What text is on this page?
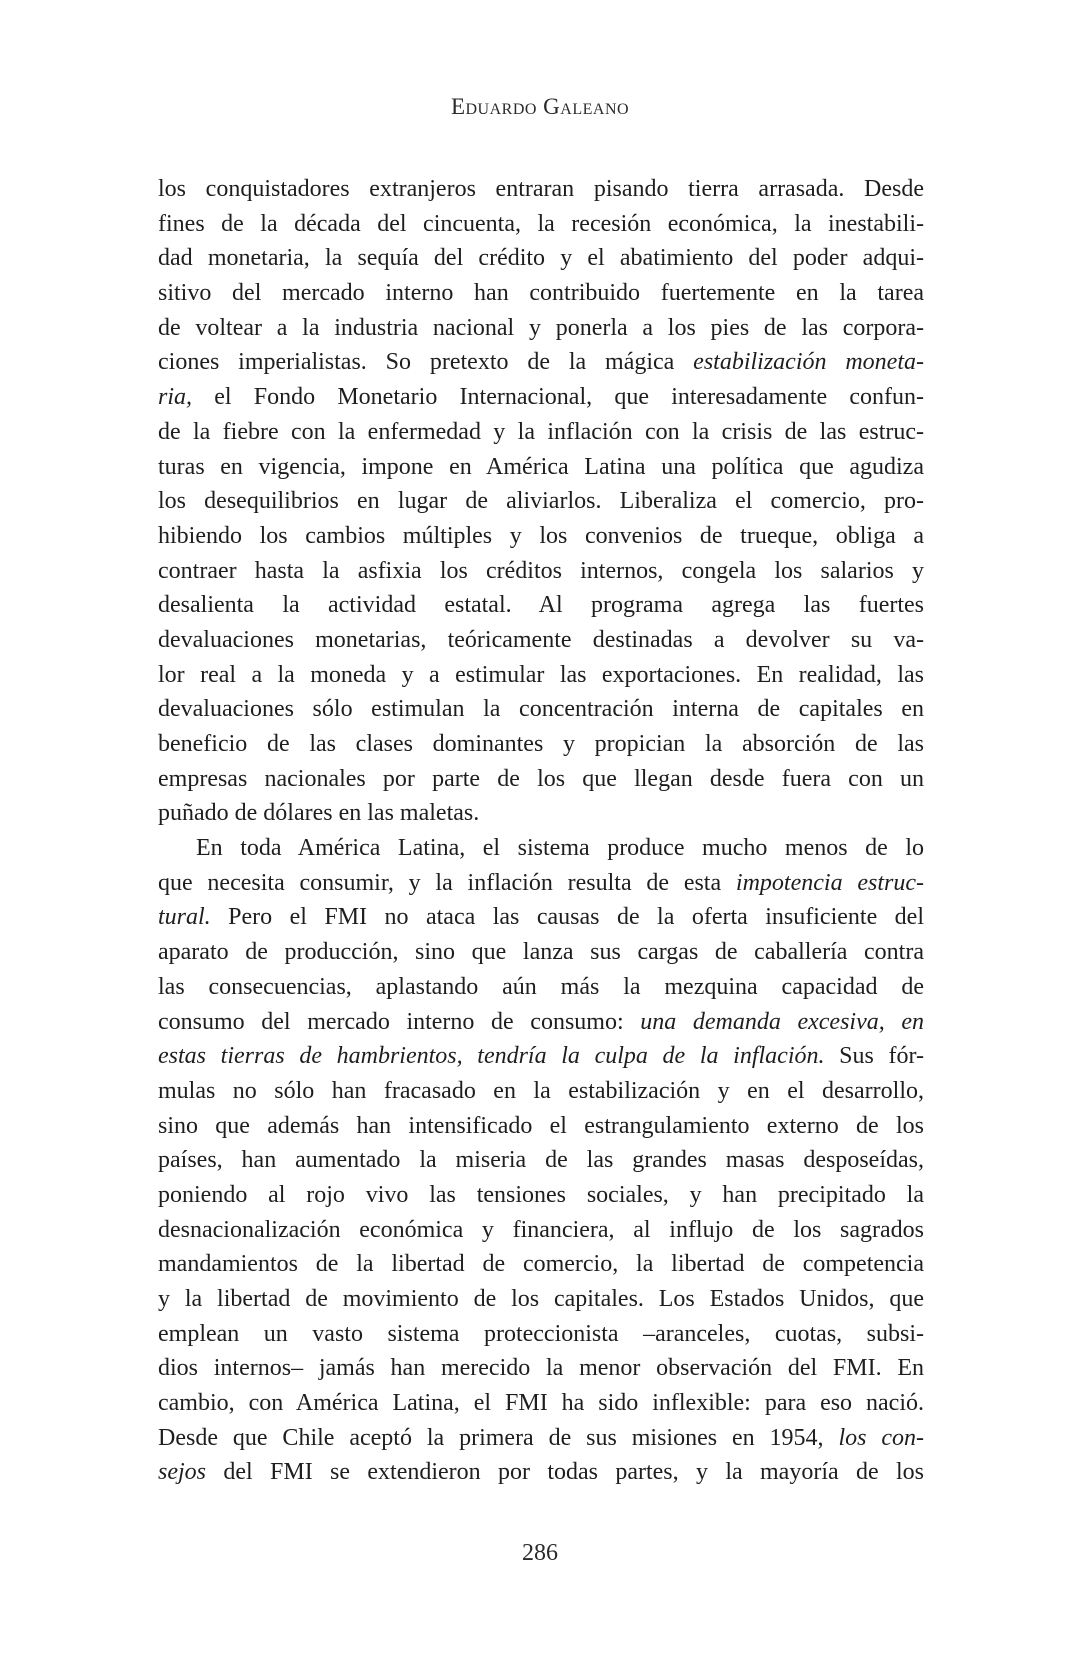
Eduardo Galeano
los conquistadores extranjeros entraran pisando tierra arrasada. Desde
fines de la década del cincuenta, la recesión económica, la inestabili-
dad monetaria, la sequía del crédito y el abatimiento del poder adqui-
sitivo del mercado interno han contribuido fuertemente en la tarea
de voltear a la industria nacional y ponerla a los pies de las corpora-
ciones imperialistas. So pretexto de la mágica estabilización moneta-
ria, el Fondo Monetario Internacional, que interesadamente confun-
de la fiebre con la enfermedad y la inflación con la crisis de las estruc-
turas en vigencia, impone en América Latina una política que agudiza
los desequilibrios en lugar de aliviarlos. Liberaliza el comercio, pro-
hibiendo los cambios múltiples y los convenios de trueque, obliga a
contraer hasta la asfixia los créditos internos, congela los salarios y
desalienta la actividad estatal. Al programa agrega las fuertes
devaluaciones monetarias, teóricamente destinadas a devolver su va-
lor real a la moneda y a estimular las exportaciones. En realidad, las
devaluaciones sólo estimulan la concentración interna de capitales en
beneficio de las clases dominantes y propician la absorción de las
empresas nacionales por parte de los que llegan desde fuera con un
puñado de dólares en las maletas.
En toda América Latina, el sistema produce mucho menos de lo
que necesita consumir, y la inflación resulta de esta impotencia estruc-
tural. Pero el FMI no ataca las causas de la oferta insuficiente del
aparato de producción, sino que lanza sus cargas de caballería contra
las consecuencias, aplastando aún más la mezquina capacidad de
consumo del mercado interno de consumo: una demanda excesiva, en
estas tierras de hambrientos, tendría la culpa de la inflación. Sus fór-
mulas no sólo han fracasado en la estabilización y en el desarrollo,
sino que además han intensificado el estrangulamiento externo de los
países, han aumentado la miseria de las grandes masas desposeídas,
poniendo al rojo vivo las tensiones sociales, y han precipitado la
desnacionalización económica y financiera, al influjo de los sagrados
mandamientos de la libertad de comercio, la libertad de competencia
y la libertad de movimiento de los capitales. Los Estados Unidos, que
emplean un vasto sistema proteccionista –aranceles, cuotas, subsi-
dios internos– jamás han merecido la menor observación del FMI. En
cambio, con América Latina, el FMI ha sido inflexible: para eso nació.
Desde que Chile aceptó la primera de sus misiones en 1954, los con-
sejos del FMI se extendieron por todas partes, y la mayoría de los
286
